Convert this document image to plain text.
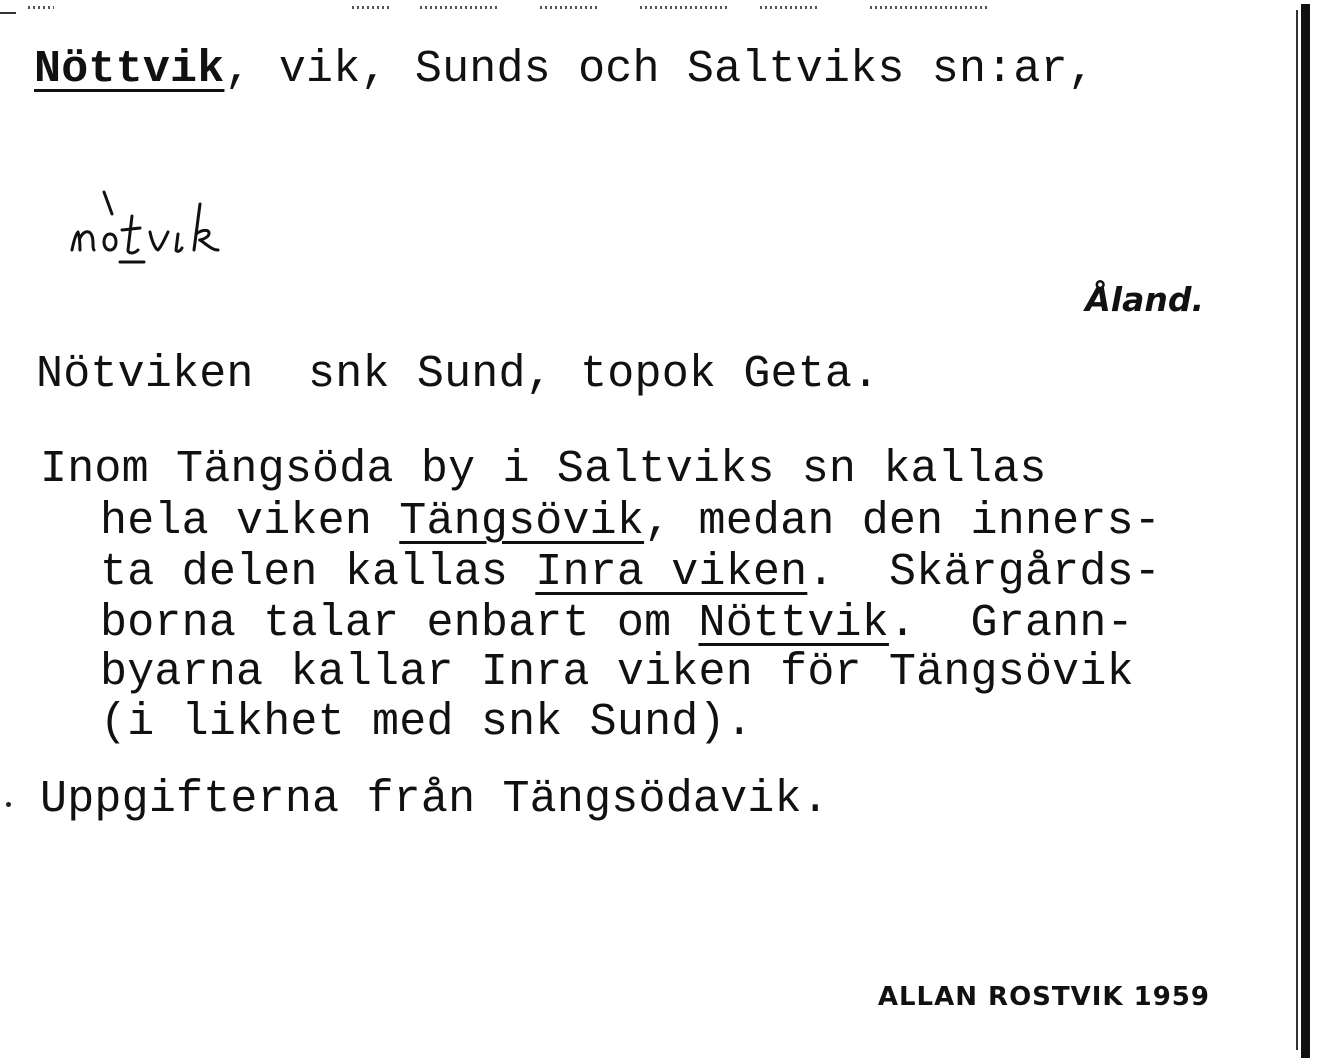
Nöttvik, vik, Sunds och Saltviks sn:ar,
Åland.
Nötviken  snk Sund, topok Geta.
Inom Tängsöda by i Saltviks sn kallas
hela viken Tängsövik, medan den inners-
ta delen kallas Inra viken.  Skärgårds-
borna talar enbart om Nöttvik.  Grann-
byarna kallar Inra viken för Tängsövik
(i likhet med snk Sund).
Uppgifterna från Tängsödavik.
ALLAN ROSTVIK 1959
